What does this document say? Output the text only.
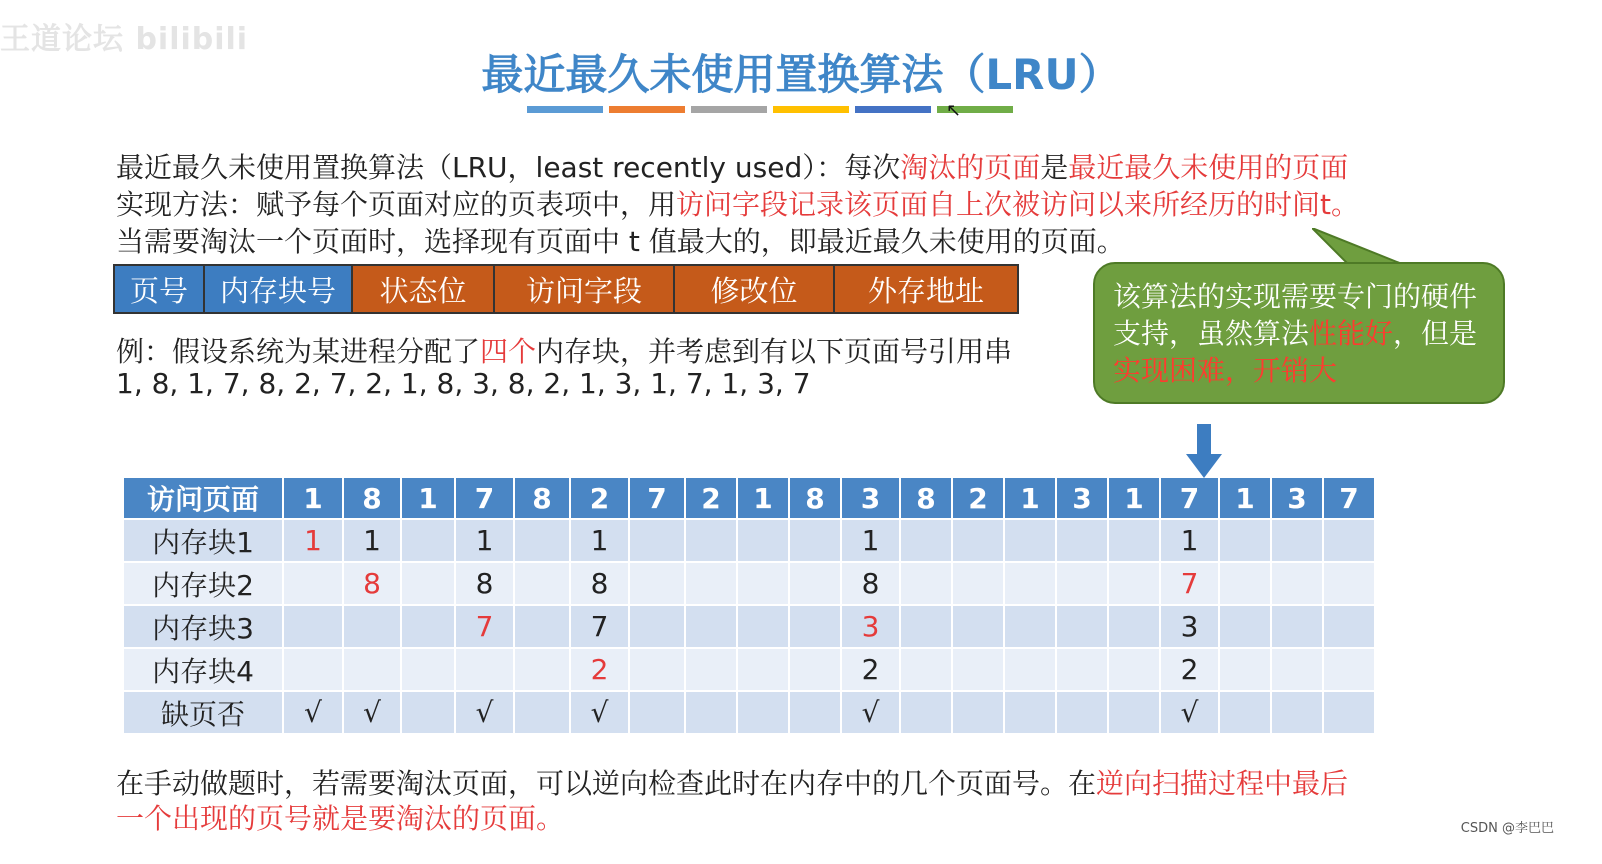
王道论坛 bilibili
最近最久未使用置换算法（LRU）
↖
最近最久未使用置换算法（LRU，least recently used）：每次淘汰的页面是最近最久未使用的页面
实现方法：赋予每个页面对应的页表项中，用访问字段记录该页面自上次被访问以来所经历的时间t。
当需要淘汰一个页面时，选择现有页面中 t 值最大的，即最近最久未使用的页面。
页号	内存块号	状态位	访问字段	修改位	外存地址
例：假设系统为某进程分配了四个内存块，并考虑到有以下页面号引用串
1, 8, 1, 7, 8, 2, 7, 2, 1, 8, 3, 8, 2, 1, 3, 1, 7, 1, 3, 7
该算法的实现需要专门的硬件支持，虽然算法性能好，但是实现困难，开销大
访问页面	1	8	1	7	8	2	7	2	1	8	3	8	2	1	3	1	7	1	3	7
内存块1	1	1		1		1					1						1			
内存块2		8		8		8					8						7			
内存块3				7		7					3						3			
内存块4						2					2						2			
缺页否	√	√		√		√					√						√			
在手动做题时，若需要淘汰页面，可以逆向检查此时在内存中的几个页面号。在逆向扫描过程中最后
一个出现的页号就是要淘汰的页面。	CSDN @李巴巴
